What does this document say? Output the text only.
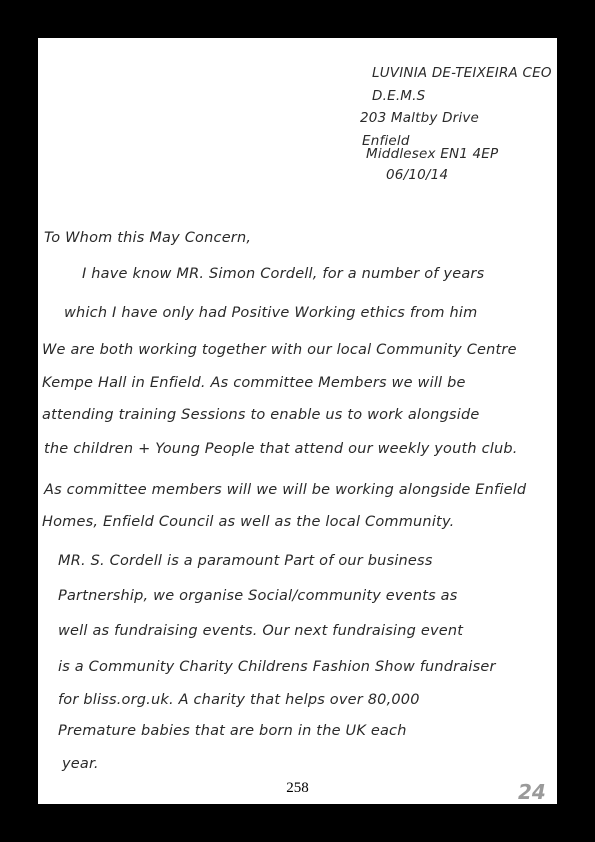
LUVINIA DE-TEIXEIRA CEO
D.E.M.S
203 Maltby Drive
Enfield
Middlesex EN1 4EP
06/10/14
To Whom this May Concern,
I have know MR. Simon Cordell, for a number of years
which I have only had Positive Working ethics from him
We are both working together with our local Community Centre
Kempe Hall in Enfield. As committee Members we will be
attending training Sessions to enable us to work alongside
the children + Young People that attend our weekly youth club.
As committee members will we will be working alongside Enfield
Homes, Enfield Council as well as the local Community.
MR. S. Cordell is a paramount Part of our business
Partnership, we organise Social/community events as
well as fundraising events. Our next fundraising event
is a Community Charity Childrens Fashion Show fundraiser
for bliss.org.uk. A charity that helps over 80,000
Premature babies that are born in the UK each
year.
258	24
